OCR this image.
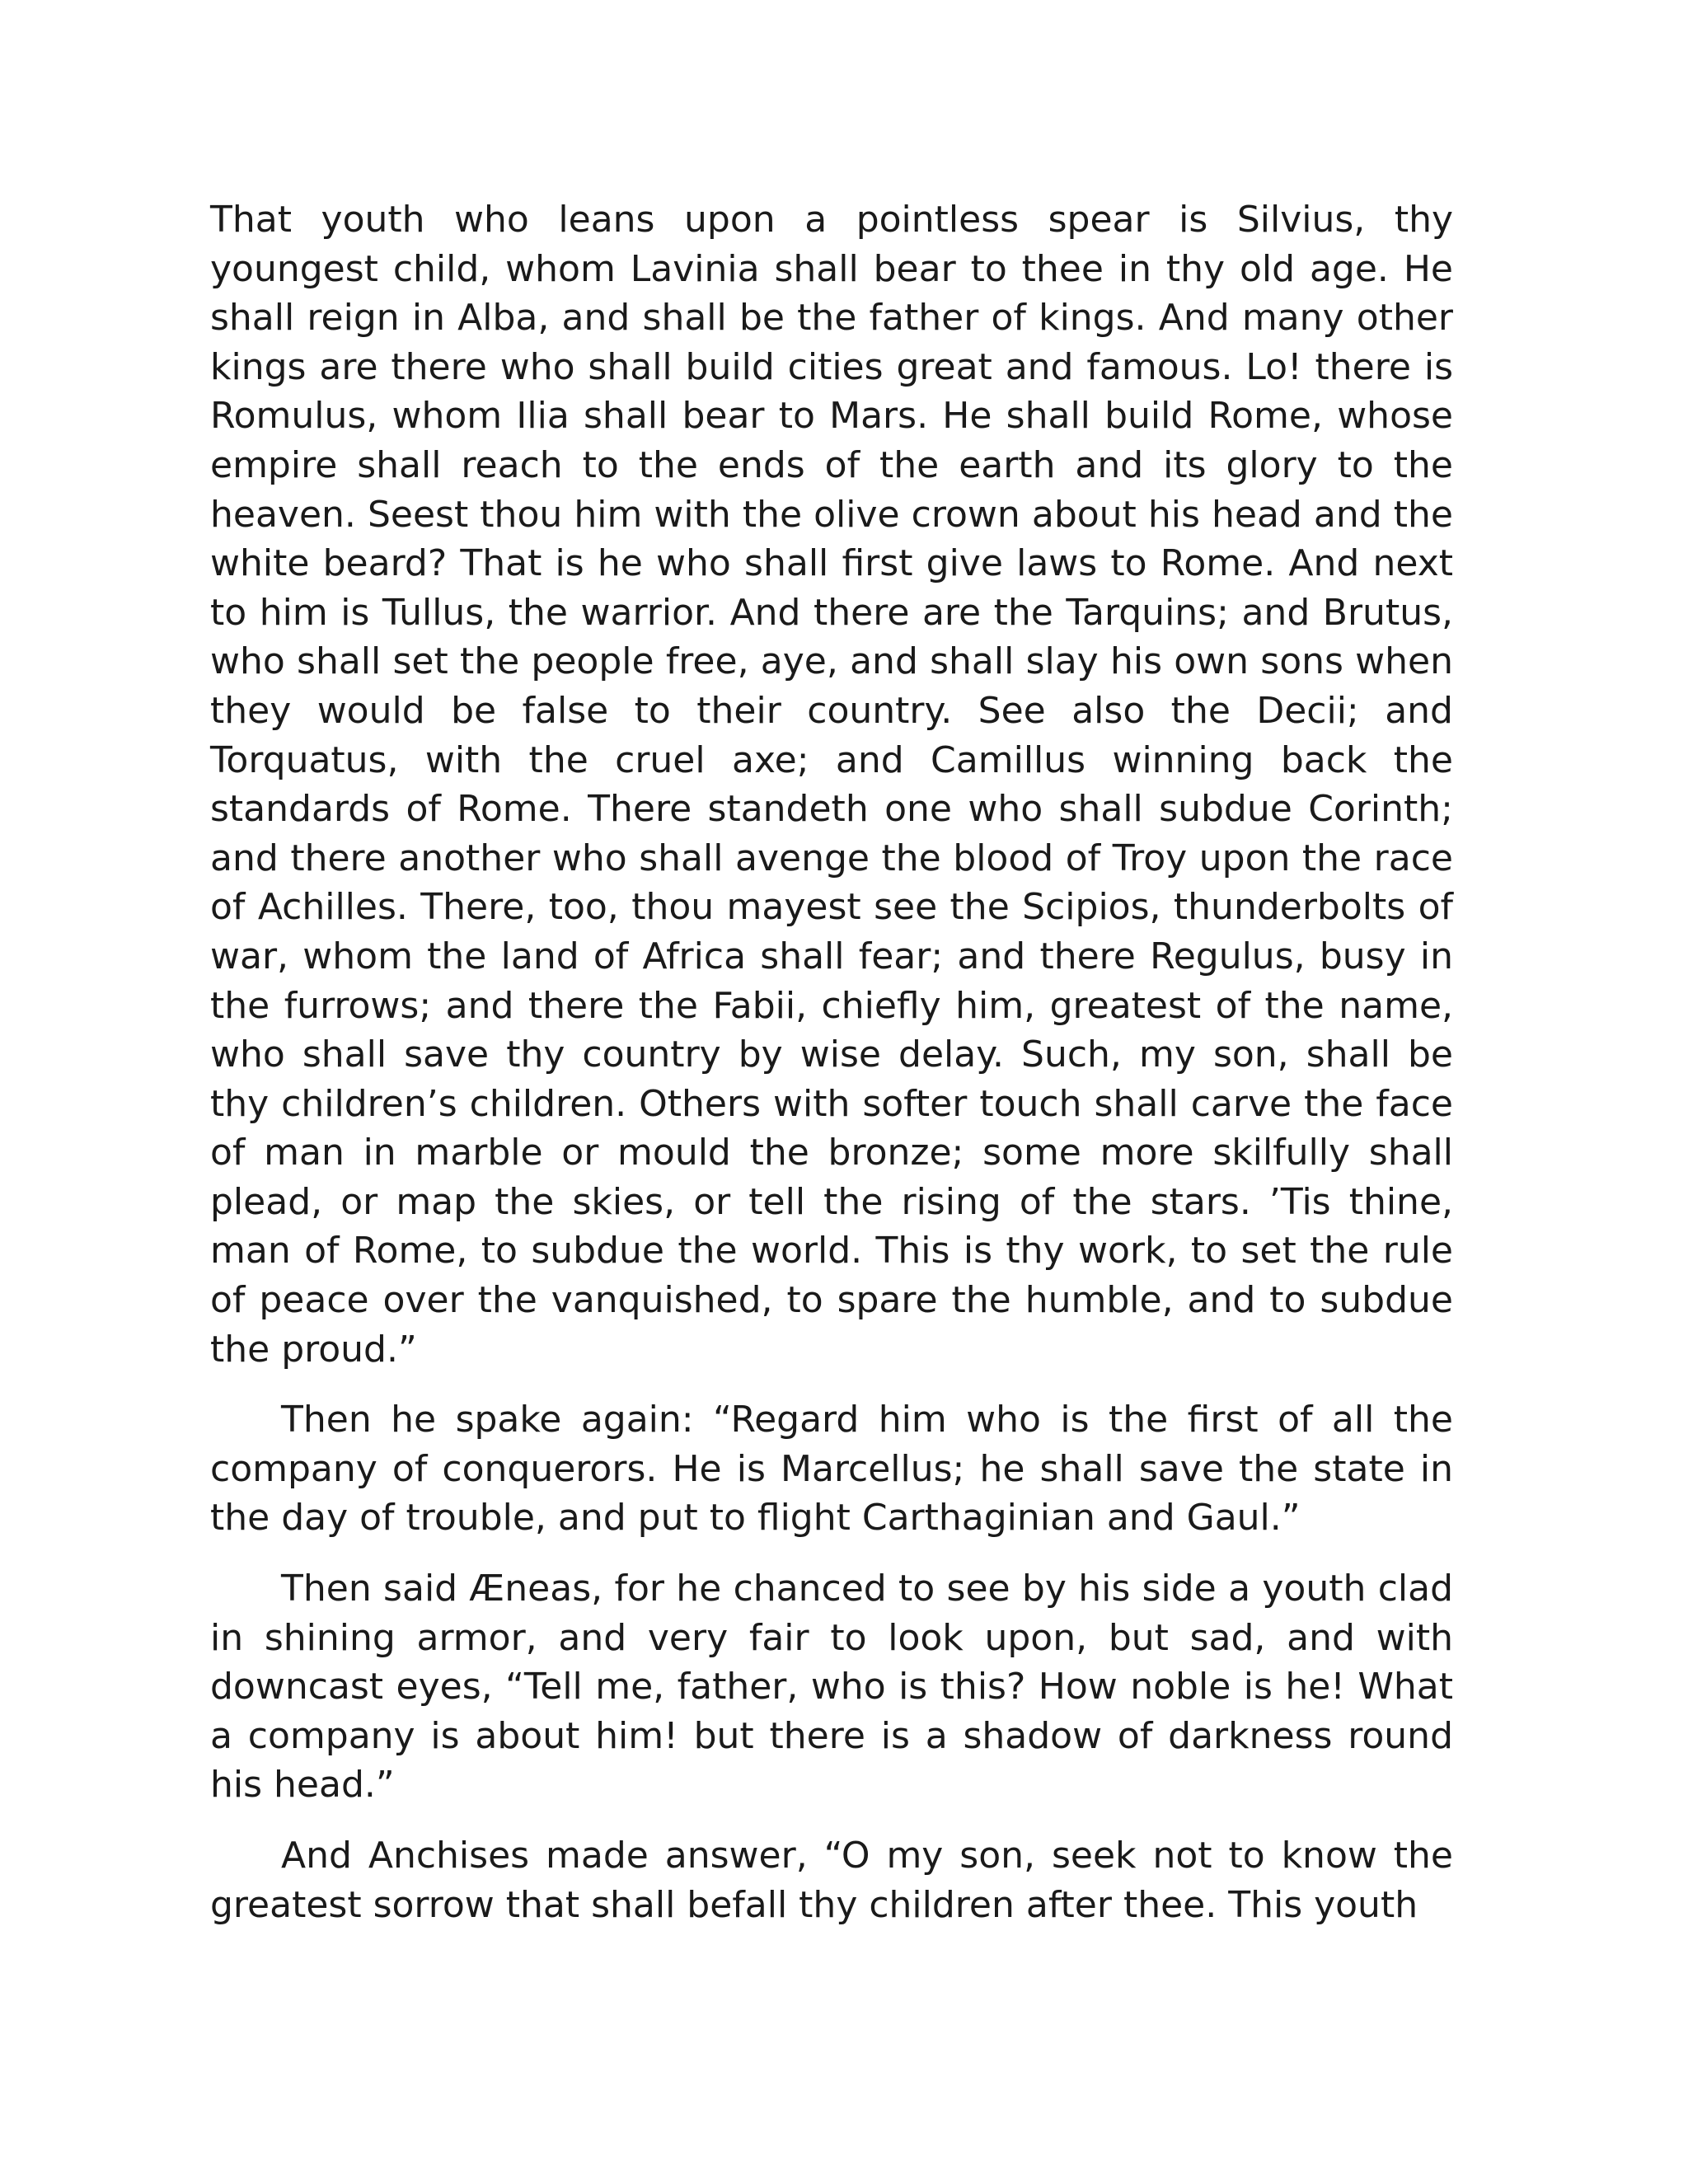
That youth who leans upon a pointless spear is Silvius, thy youngest child, whom Lavinia shall bear to thee in thy old age. He shall reign in Alba, and shall be the father of kings. And many other kings are there who shall build cities great and famous. Lo! there is Romulus, whom Ilia shall bear to Mars. He shall build Rome, whose empire shall reach to the ends of the earth and its glory to the heaven. Seest thou him with the olive crown about his head and the white beard? That is he who shall first give laws to Rome. And next to him is Tullus, the warrior. And there are the Tarquins; and Brutus, who shall set the people free, aye, and shall slay his own sons when they would be false to their country. See also the Decii; and Torquatus, with the cruel axe; and Camillus winning back the standards of Rome. There standeth one who shall subdue Corinth; and there another who shall avenge the blood of Troy upon the race of Achilles. There, too, thou mayest see the Scipios, thunderbolts of war, whom the land of Africa shall fear; and there Regulus, busy in the furrows; and there the Fabii, chiefly him, greatest of the name, who shall save thy country by wise delay. Such, my son, shall be thy children’s children. Others with softer touch shall carve the face of man in marble or mould the bronze; some more skilfully shall plead, or map the skies, or tell the rising of the stars. ’Tis thine, man of Rome, to subdue the world. This is thy work, to set the rule of peace over the vanquished, to spare the humble, and to subdue the proud.”

Then he spake again: “Regard him who is the first of all the company of conquerors. He is Marcellus; he shall save the state in the day of trouble, and put to flight Carthaginian and Gaul.”

Then said Æneas, for he chanced to see by his side a youth clad in shining armor, and very fair to look upon, but sad, and with downcast eyes, “Tell me, father, who is this? How noble is he! What a company is about him! but there is a shadow of darkness round his head.”

And Anchises made answer, “O my son, seek not to know the greatest sorrow that shall befall thy children after thee. This youth
